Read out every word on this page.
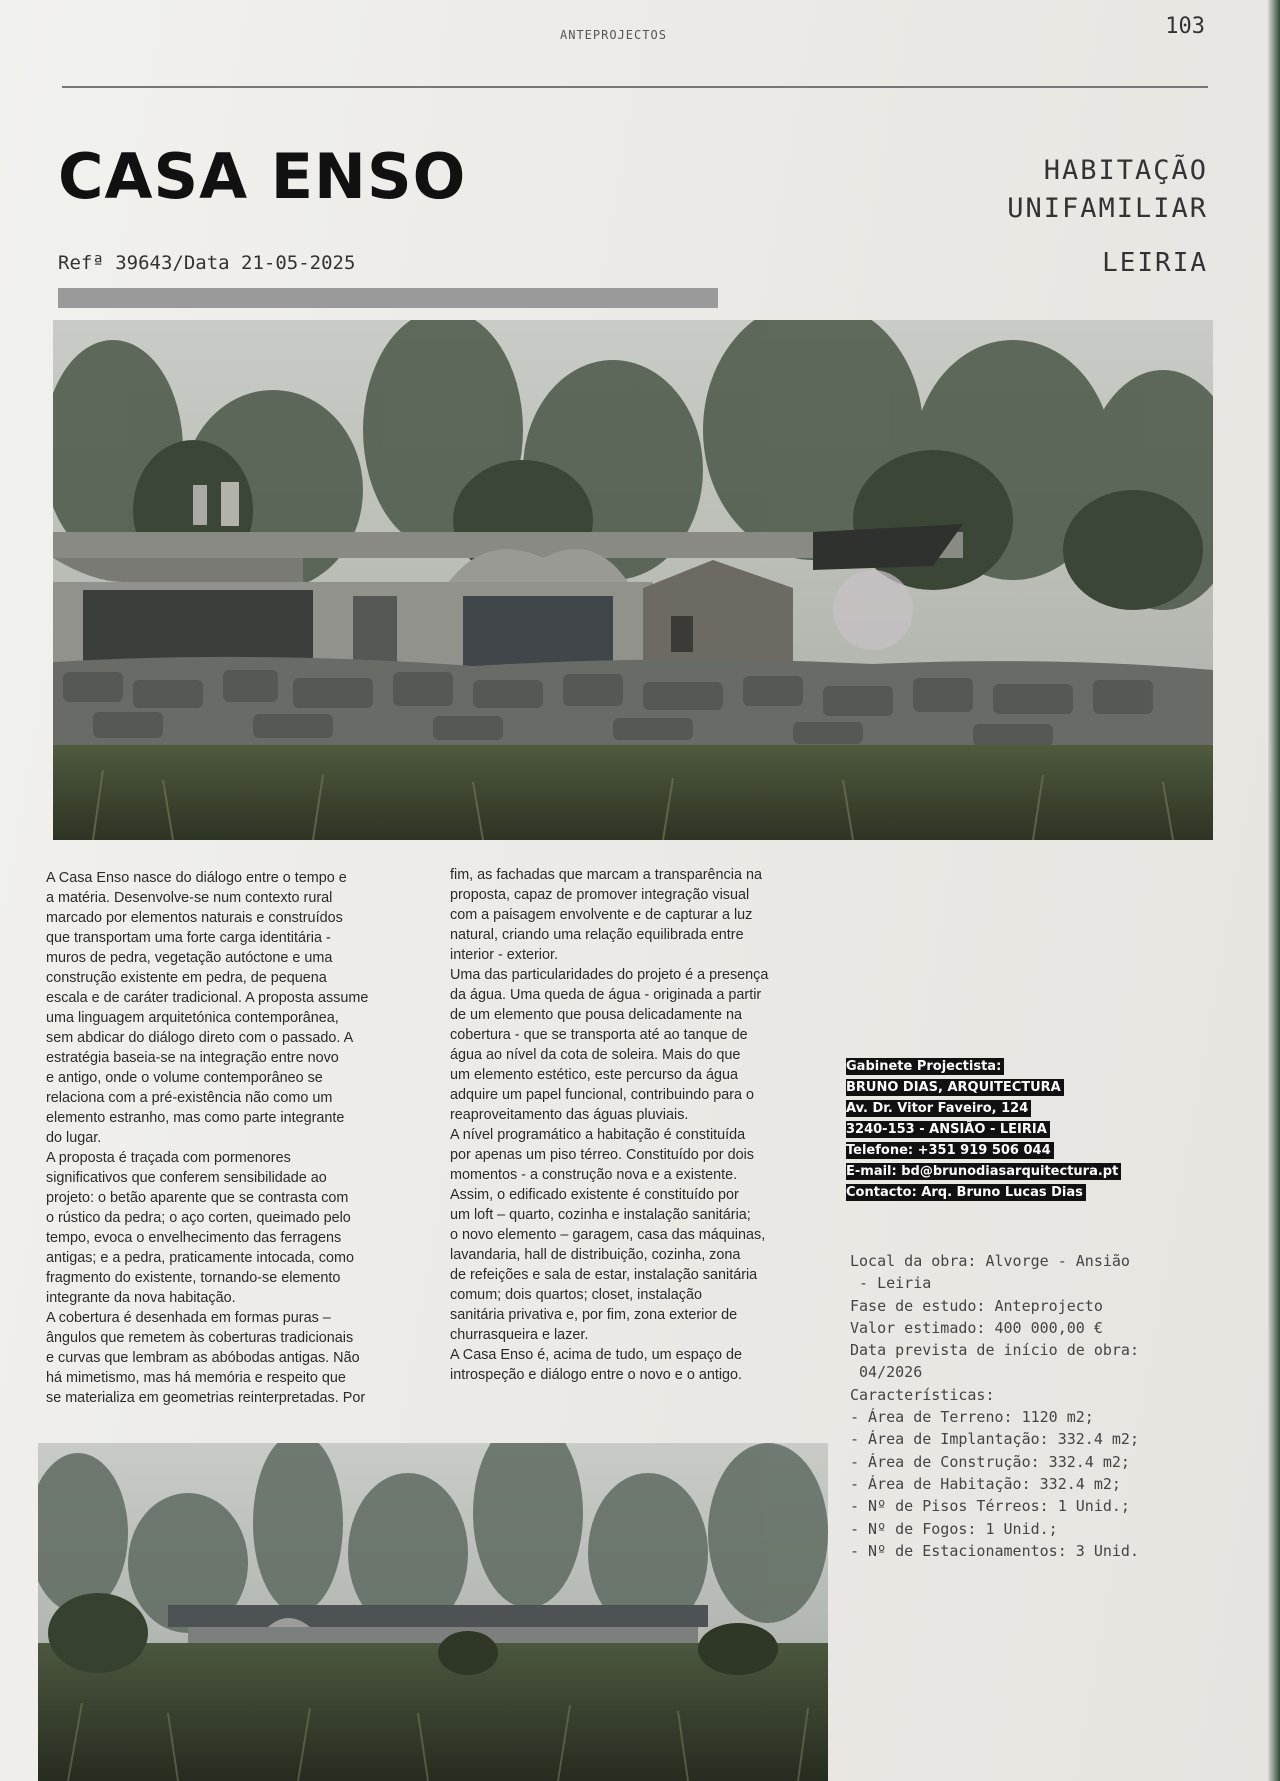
ANTEPROJECTOS	103
CASA ENSO	HABITAÇÃO
UNIFAMILIAR
Refª 39643/Data 21-05-2025	LEIRIA

A Casa Enso nasce do diálogo entre o tempo e

a matéria. Desenvolve-se num contexto rural

marcado por elementos naturais e construídos

que transportam uma forte carga identitária -

muros de pedra, vegetação autóctone e uma

construção existente em pedra, de pequena

escala e de caráter tradicional. A proposta assume

uma linguagem arquitetónica contemporânea,

sem abdicar do diálogo direto com o passado. A

estratégia baseia-se na integração entre novo

e antigo, onde o volume contemporâneo se

relaciona com a pré-existência não como um

elemento estranho, mas como parte integrante

do lugar.

A proposta é traçada com pormenores

significativos que conferem sensibilidade ao

projeto: o betão aparente que se contrasta com

o rústico da pedra; o aço corten, queimado pelo

tempo, evoca o envelhecimento das ferragens

antigas; e a pedra, praticamente intocada, como

fragmento do existente, tornando-se elemento

integrante da nova habitação.

A cobertura é desenhada em formas puras –

ângulos que remetem às coberturas tradicionais

e curvas que lembram as abóbodas antigas. Não

há mimetismo, mas há memória e respeito que

se materializa em geometrias reinterpretadas. Por

fim, as fachadas que marcam a transparência na

proposta, capaz de promover integração visual

com a paisagem envolvente e de capturar a luz

natural, criando uma relação equilibrada entre

interior - exterior.

Uma das particularidades do projeto é a presença

da água. Uma queda de água - originada a partir

de um elemento que pousa delicadamente na

cobertura - que se transporta até ao tanque de

água ao nível da cota de soleira. Mais do que

um elemento estético, este percurso da água

adquire um papel funcional, contribuindo para o

reaproveitamento das águas pluviais.

A nível programático a habitação é constituída

por apenas um piso térreo. Constituído por dois

momentos - a construção nova e a existente.

Assim, o edificado existente é constituído por

um loft – quarto, cozinha e instalação sanitária;

o novo elemento – garagem, casa das máquinas,

lavandaria, hall de distribuição, cozinha, zona

de refeições e sala de estar, instalação sanitária

comum; dois quartos; closet, instalação

sanitária privativa e, por fim, zona exterior de

churrasqueira e lazer.

A Casa Enso é, acima de tudo, um espaço de

introspeção e diálogo entre o novo e o antigo.

Gabinete Projectista:
BRUNO DIAS, ARQUITECTURA
Av. Dr. Vitor Faveiro, 124
3240-153 - ANSIÃO - LEIRIA
Telefone: +351 919 506 044
E-mail: bd@brunodiasarquitectura.pt
Contacto: Arq. Bruno Lucas Dias
Local da obra: Alvorge - Ansião
- Leiria
Fase de estudo: Anteprojecto
Valor estimado: 400 000,00 €
Data prevista de início de obra:
04/2026
Características:
- Área de Terreno: 1120 m2;
- Área de Implantação: 332.4 m2;
- Área de Construção: 332.4 m2;
- Área de Habitação: 332.4 m2;
- Nº de Pisos Térreos: 1 Unid.;
- Nº de Fogos: 1 Unid.;
- Nº de Estacionamentos: 3 Unid.
